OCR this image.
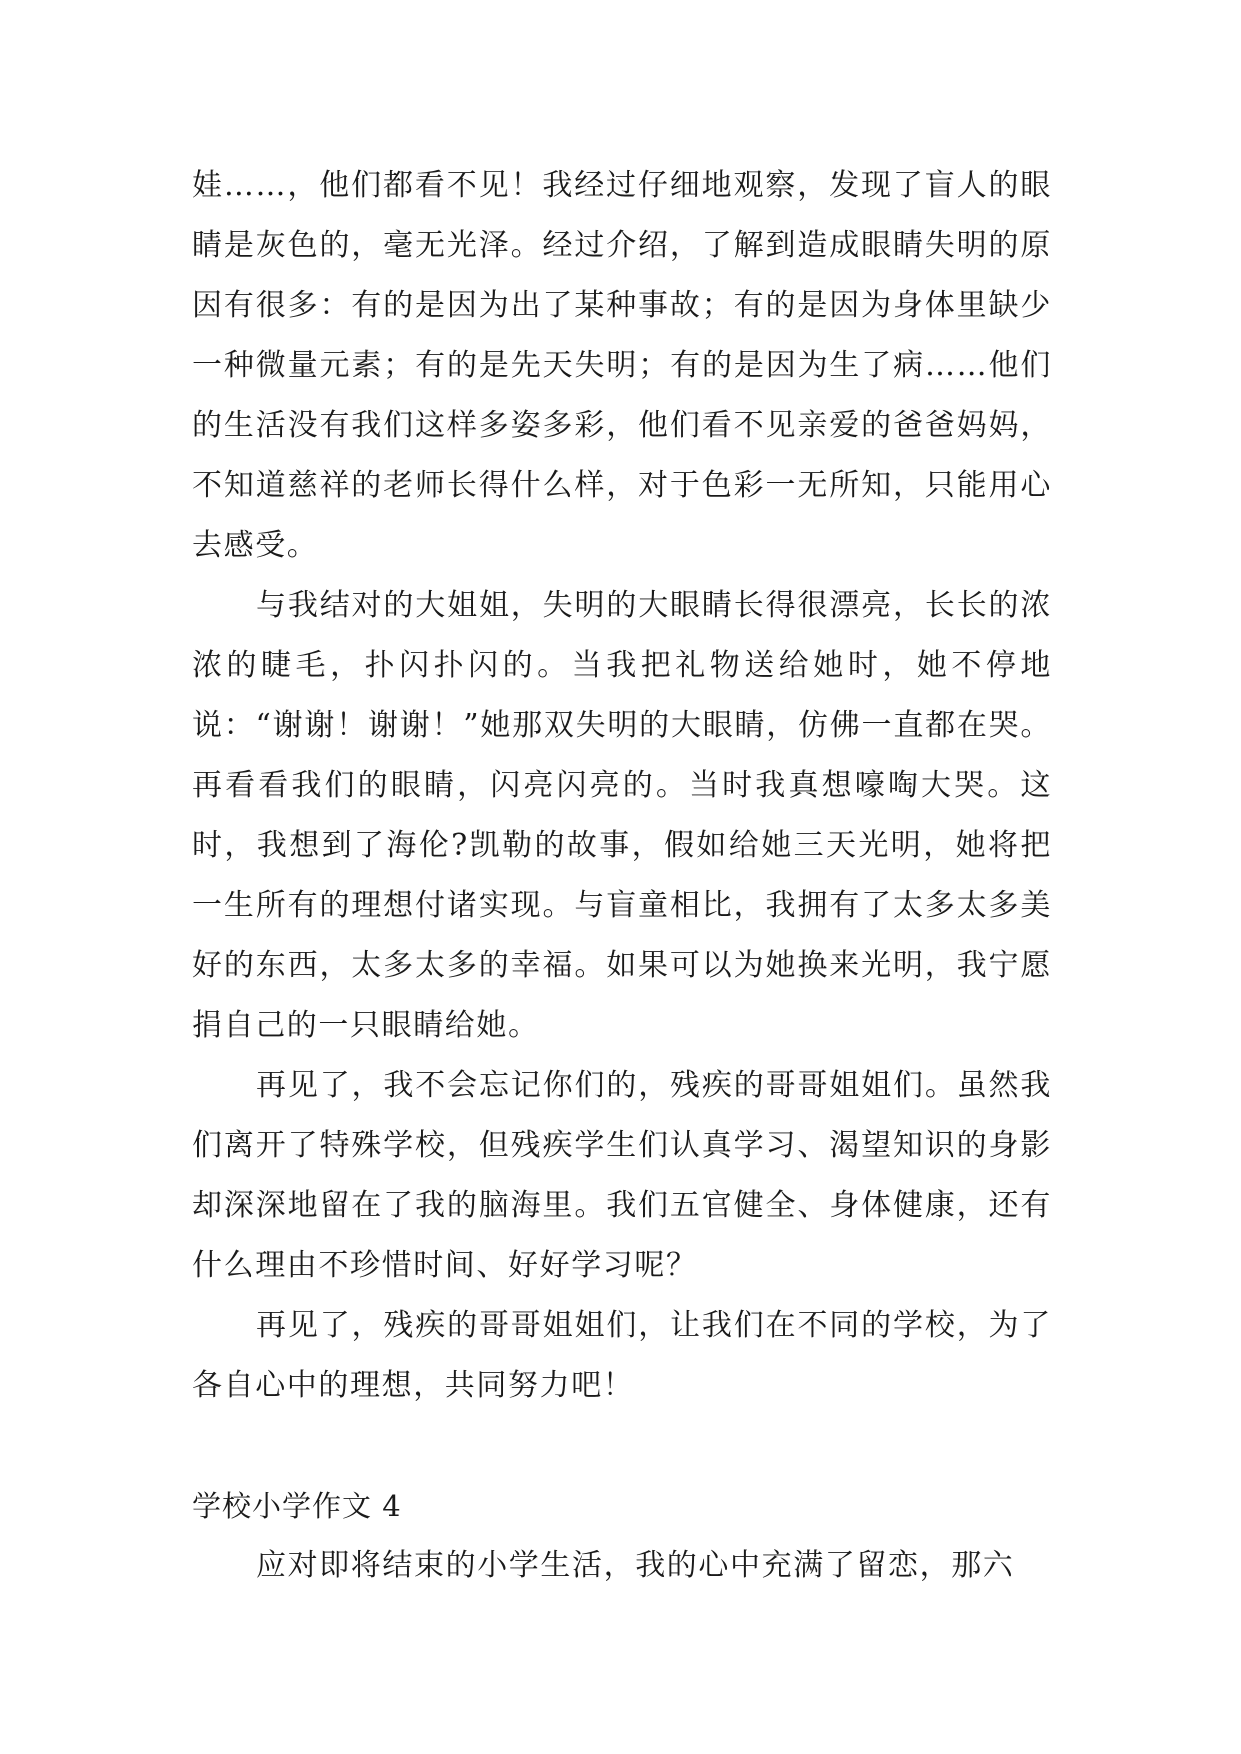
娃……，他们都看不见！我经过仔细地观察，发现了盲人的眼睛是灰色的，毫无光泽。经过介绍，了解到造成眼睛失明的原因有很多：有的是因为出了某种事故；有的是因为身体里缺少一种微量元素；有的是先天失明；有的是因为生了病……他们的生活没有我们这样多姿多彩，他们看不见亲爱的爸爸妈妈，不知道慈祥的老师长得什么样，对于色彩一无所知，只能用心去感受。

与我结对的大姐姐，失明的大眼睛长得很漂亮，长长的浓浓的睫毛，扑闪扑闪的。当我把礼物送给她时，她不停地说：“谢谢！谢谢！”她那双失明的大眼睛，仿佛一直都在哭。再看看我们的眼睛，闪亮闪亮的。当时我真想嚎啕大哭。这时，我想到了海伦?凯勒的故事，假如给她三天光明，她将把一生所有的理想付诸实现。与盲童相比，我拥有了太多太多美好的东西，太多太多的幸福。如果可以为她换来光明，我宁愿捐自己的一只眼睛给她。

再见了，我不会忘记你们的，残疾的哥哥姐姐们。虽然我们离开了特殊学校，但残疾学生们认真学习、渴望知识的身影却深深地留在了我的脑海里。我们五官健全、身体健康，还有什么理由不珍惜时间、好好学习呢？

再见了，残疾的哥哥姐姐们，让我们在不同的学校，为了各自心中的理想，共同努力吧！

学校小学作文 4

应对即将结束的小学生活，我的心中充满了留恋，那六
